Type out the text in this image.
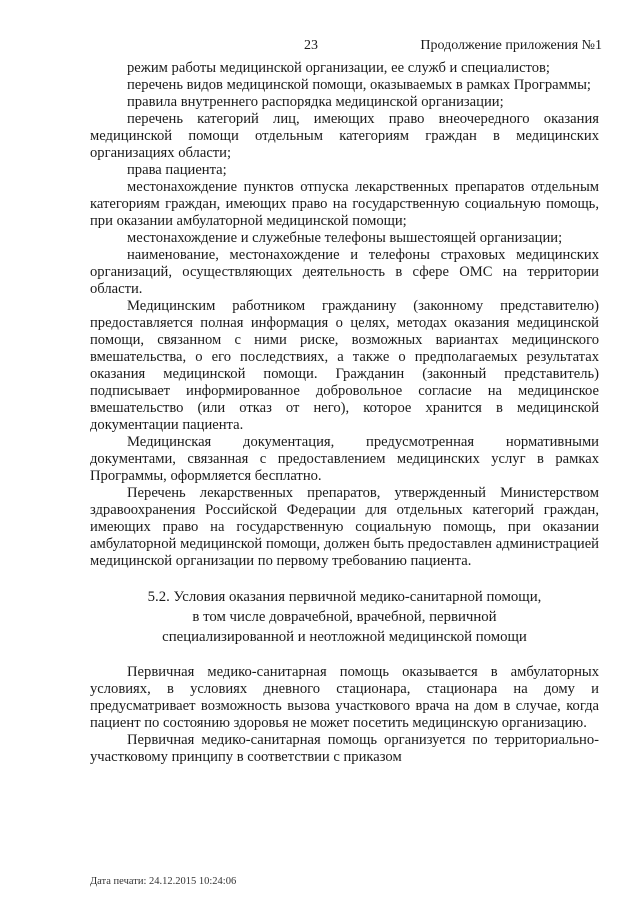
23	Продолжение приложения №1

режим работы медицинской организации, ее служб и специалистов;

перечень видов медицинской помощи, оказываемых в рамках Программы;

правила внутреннего распорядка медицинской организации;

перечень категорий лиц, имеющих право внеочередного оказания медицинской помощи отдельным категориям граждан в медицинских организациях области;

права пациента;

местонахождение пунктов отпуска лекарственных препаратов отдельным категориям граждан, имеющих право на государственную социальную помощь, при оказании амбулаторной медицинской помощи;

местонахождение и служебные телефоны вышестоящей организации;

наименование, местонахождение и телефоны страховых медицинских организаций, осуществляющих деятельность в сфере ОМС на территории области.

Медицинским работником гражданину (законному представителю) предоставляется полная информация о целях, методах оказания медицинской помощи, связанном с ними риске, возможных вариантах медицинского вмешательства, о его последствиях, а также о предполагаемых результатах оказания медицинской помощи. Гражданин (законный представитель) подписывает информированное добровольное согласие на медицинское вмешательство (или отказ от него), которое хранится в медицинской документации пациента.

Медицинская документация, предусмотренная нормативными документами, связанная с предоставлением медицинских услуг в рамках Программы, оформляется бесплатно.

Перечень лекарственных препаратов, утвержденный Министерством здравоохранения Российской Федерации для отдельных категорий граждан, имеющих право на государственную социальную помощь, при оказании амбулаторной медицинской помощи, должен быть предоставлен администрацией медицинской организации по первому требованию пациента.

5.2. Условия оказания первичной медико-санитарной помощи,
в том числе доврачебной, врачебной, первичной
специализированной и неотложной медицинской помощи

Первичная медико-санитарная помощь оказывается в амбулаторных условиях, в условиях дневного стационара, стационара на дому и предусматривает возможность вызова участкового врача на дом в случае, когда пациент по состоянию здоровья не может посетить медицинскую организацию.

Первичная медико-санитарная помощь организуется по территориально-участковому принципу в соответствии с приказом

Дата печати: 24.12.2015 10:24:06
